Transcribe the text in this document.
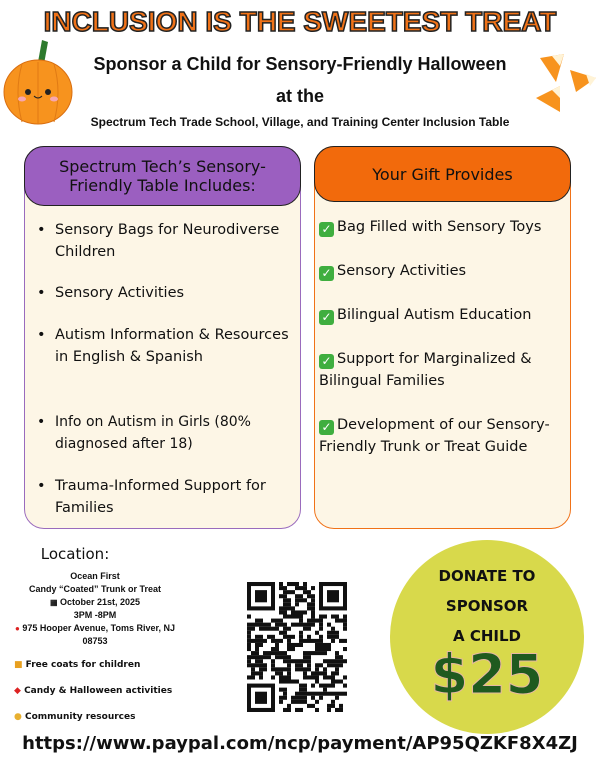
INCLUSION IS THE SWEETEST TREAT
Sponsor a Child for Sensory-Friendly Halloween
at the
Spectrum Tech Trade School, Village, and Training Center Inclusion Table
Spectrum Tech’s Sensory-Friendly Table Includes:
• Sensory Bags for Neurodiverse Children
• Sensory Activities
• Autism Information & Resources in English & Spanish
• Info on Autism in Girls (80% diagnosed after 18)
• Trauma-Informed Support for Families
Your Gift Provides
✓ Bag Filled with Sensory Toys
✓ Sensory Activities
✓ Bilingual Autism Education
✓ Support for Marginalized & Bilingual Families
✓ Development of our Sensory-Friendly Trunk or Treat Guide
Location:
Ocean First
Candy “Coated” Trunk or Treat
▦ October 21st, 2025
3PM -8PM
● 975 Hooper Avenue, Toms River, NJ 08753
■ Free coats for children
◆ Candy & Halloween activities
● Community resources
DONATE TO
SPONSOR
A CHILD
$25
https://www.paypal.com/ncp/payment/AP95QZKF8X4ZJ
